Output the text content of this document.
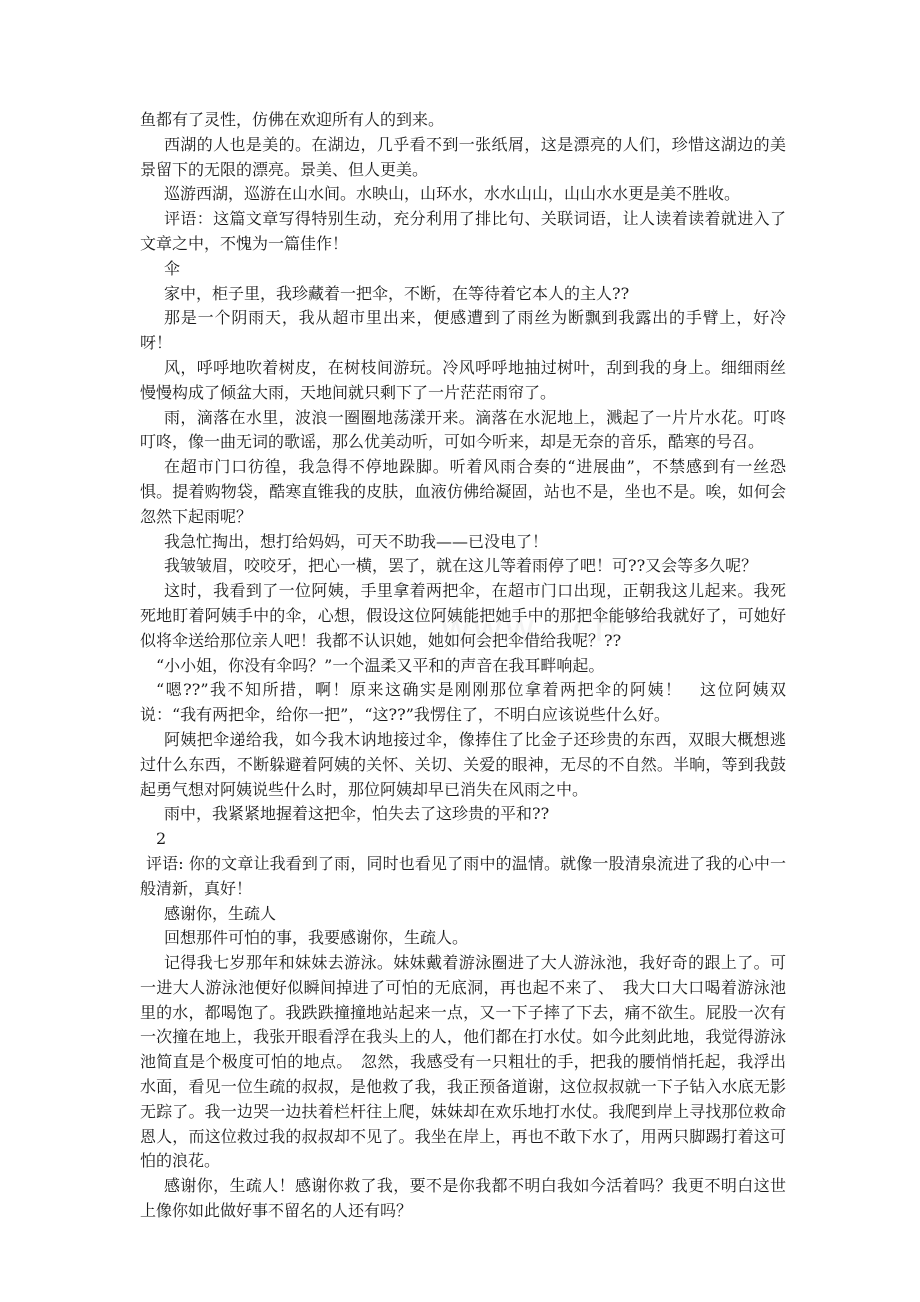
鱼都有了灵性，仿佛在欢迎所有人的到来。

西湖的人也是美的。在湖边，几乎看不到一张纸屑，这是漂亮的人们，珍惜这湖边的美景留下的无限的漂亮。景美、但人更美。

巡游西湖，巡游在山水间。水映山，山环水，水水山山，山山水水更是美不胜收。

评语：这篇文章写得特别生动，充分利用了排比句、关联词语，让人读着读着就进入了文章之中，不愧为一篇佳作！

伞

家中，柜子里，我珍藏着一把伞，不断，在等待着它本人的主人??

那是一个阴雨天，我从超市里出来，便感遭到了雨丝为断飘到我露出的手臂上，好冷呀！

风，呼呼地吹着树皮，在树枝间游玩。冷风呼呼地抽过树叶，刮到我的身上。细细雨丝慢慢构成了倾盆大雨，天地间就只剩下了一片茫茫雨帘了。

雨，滴落在水里，波浪一圈圈地荡漾开来。滴落在水泥地上，溅起了一片片水花。叮咚叮咚，像一曲无词的歌谣，那么优美动听，可如今听来，却是无奈的音乐，酷寒的号召。

在超市门口彷徨，我急得不停地跺脚。听着风雨合奏的“进展曲”，不禁感到有一丝恐惧。提着购物袋，酷寒直锥我的皮肤，血液仿佛给凝固，站也不是，坐也不是。唉，如何会忽然下起雨呢？

我急忙掏出，想打给妈妈，可天不助我——已没电了！

我皱皱眉，咬咬牙，把心一横，罢了，就在这儿等着雨停了吧！可??又会等多久呢？

这时，我看到了一位阿姨，手里拿着两把伞，在超市门口出现，正朝我这儿起来。我死死地盯着阿姨手中的伞，心想，假设这位阿姨能把她手中的那把伞能够给我就好了，可她好似将伞送给那位亲人吧！我都不认识她，她如何会把伞借给我呢？??

“小小姐，你没有伞吗？”一个温柔又平和的声音在我耳畔响起。

“嗯??”我不知所措，啊！原来这确实是刚刚那位拿着两把伞的阿姨！　这位阿姨双说：“我有两把伞，给你一把”，“这??”我愣住了，不明白应该说些什么好。

阿姨把伞递给我，如今我木讷地接过伞，像捧住了比金子还珍贵的东西，双眼大概想逃过什么东西，不断躲避着阿姨的关怀、关切、关爱的眼神，无尽的不自然。半晌，等到我鼓起勇气想对阿姨说些什么时，那位阿姨却早已消失在风雨之中。

雨中，我紧紧地握着这把伞，怕失去了这珍贵的平和??

2

评语: 你的文章让我看到了雨，同时也看见了雨中的温情。就像一股清泉流进了我的心中一般清新，真好！

感谢你，生疏人

回想那件可怕的事，我要感谢你，生疏人。

记得我七岁那年和妹妹去游泳。妹妹戴着游泳圈进了大人游泳池，我好奇的跟上了。可一进大人游泳池便好似瞬间掉进了可怕的无底洞，再也起不来了、　我大口大口喝着游泳池里的水，都喝饱了。我跌跌撞撞地站起来一点，又一下子摔了下去，痛不欲生。屁股一次有一次撞在地上，我张开眼看浮在我头上的人，他们都在打水仗。如今此刻此地，我觉得游泳池简直是个极度可怕的地点。　忽然，我感受有一只粗壮的手，把我的腰悄悄托起，我浮出水面，看见一位生疏的叔叔，是他救了我，我正预备道谢，这位叔叔就一下子钻入水底无影无踪了。我一边哭一边扶着栏杆往上爬，妹妹却在欢乐地打水仗。我爬到岸上寻找那位救命恩人，而这位救过我的叔叔却不见了。我坐在岸上，再也不敢下水了，用两只脚踢打着这可怕的浪花。

感谢你，生疏人！感谢你救了我，要不是你我都不明白我如今活着吗？我更不明白这世上像你如此做好事不留名的人还有吗？
